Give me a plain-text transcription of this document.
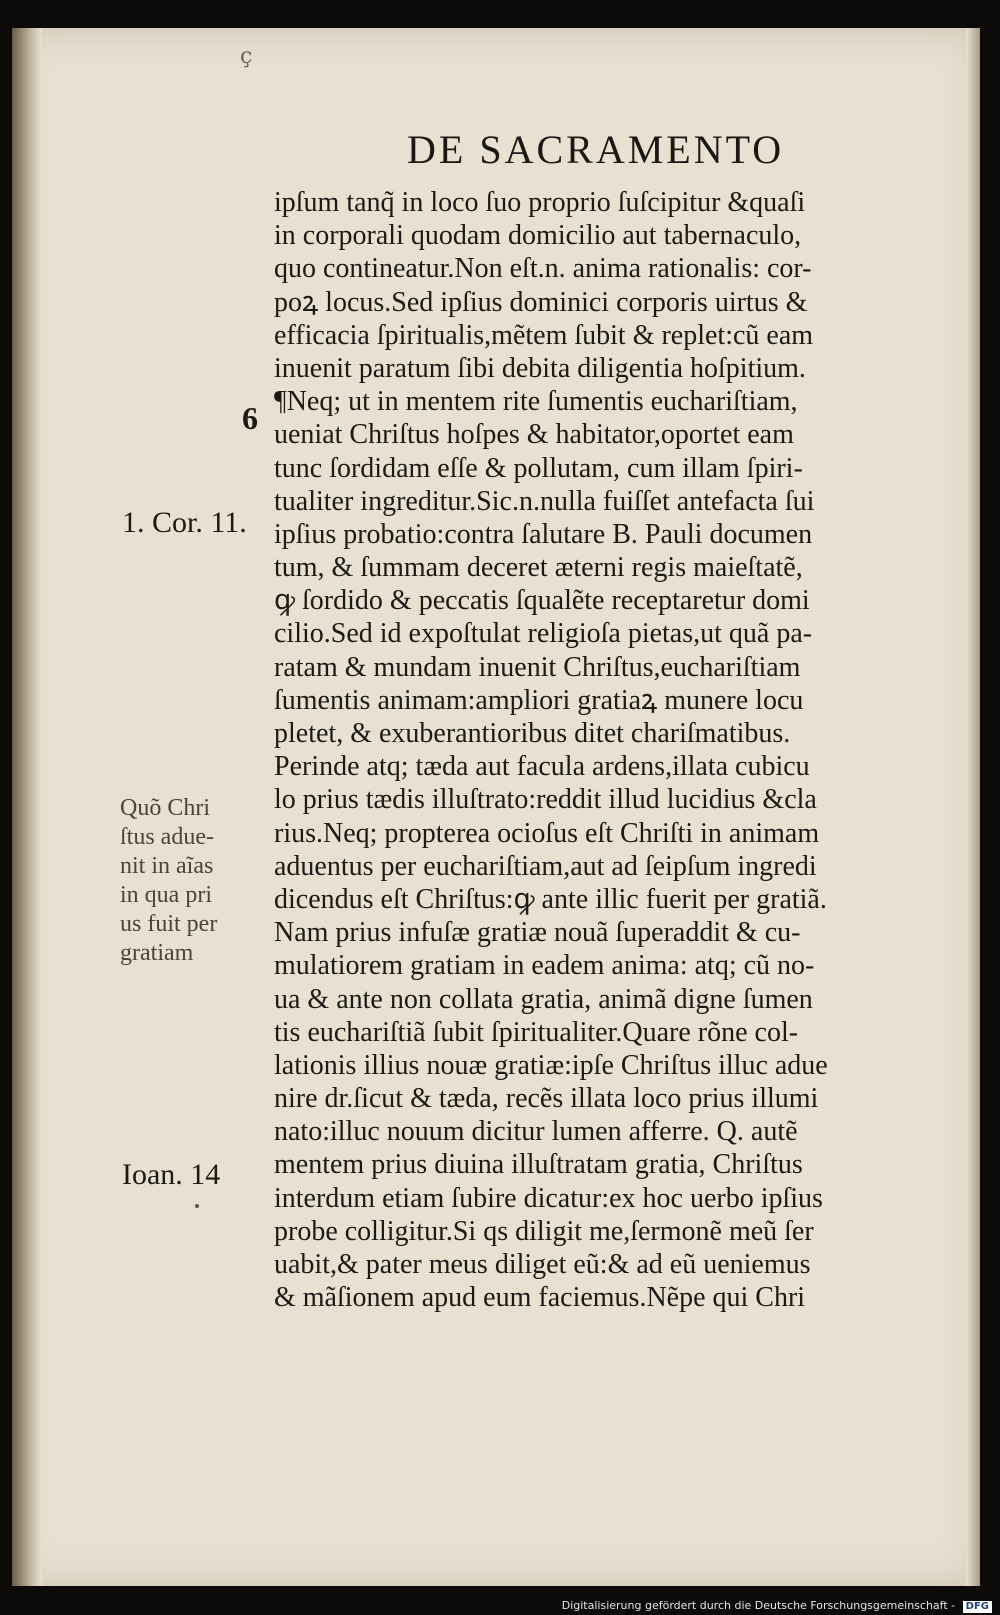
ç
DE SACRAMENTO
6
1. Cor. 11.
Ioan. 14
Quõ Chri
ſtus adue-
nit in aĩas
in qua pri
us fuit per
gratiam
ipſum tanq̃ in loco ſuo proprio ſuſcipitur &quaſi
in corporali quodam domicilio aut tabernaculo,
quo contineatur.Non eſt.n. anima rationalis: cor-
poꝝ locus.Sed ipſius dominici corporis uirtus &
efficacia ſpiritualis,mẽtem ſubit & replet:cũ eam
inuenit paratum ſibi debita diligentia hoſpitium.
¶Neq; ut in mentem rite ſumentis euchariſtiam,
ueniat Chriſtus hoſpes & habitator,oportet eam
tunc ſordidam eſſe & pollutam, cum illam ſpiri-
tualiter ingreditur.Sic.n.nulla fuiſſet antefacta ſui
ipſius probatio:contra ſalutare B. Pauli documen
tum, & ſummam deceret æterni regis maieſtatẽ,
ꝙ ſordido & peccatis ſqualẽte receptaretur domi
cilio.Sed id expoſtulat religioſa pietas,ut quã pa-
ratam & mundam inuenit Chriſtus,euchariſtiam
ſumentis animam:ampliori gratiaꝝ munere locu
pletet, & exuberantioribus ditet chariſmatibus.
Perinde atq; tæda aut facula ardens,illata cubicu
lo prius tædis illuſtrato:reddit illud lucidius &cla
rius.Neq; propterea ocioſus eſt Chriſti in animam
aduentus per euchariſtiam,aut ad ſeipſum ingredi
dicendus eſt Chriſtus:ꝙ ante illic fuerit per gratiã.
Nam prius infuſæ gratiæ nouã ſuperaddit & cu-
mulatiorem gratiam in eadem anima: atq; cũ no-
ua & ante non collata gratia, animã digne ſumen
tis euchariſtiã ſubit ſpiritualiter.Quare rõne col-
lationis illius nouæ gratiæ:ipſe Chriſtus illuc adue
nire dr.ſicut & tæda, recẽs illata loco prius illumi
nato:illuc nouum dicitur lumen afferre. Q. autẽ
mentem prius diuina illuſtratam gratia, Chriſtus
interdum etiam ſubire dicatur:ex hoc uerbo ipſius
probe colligitur.Si qs diligit me,ſermonẽ meũ ſer
uabit,& pater meus diliget eũ:& ad eũ ueniemus
& mãſionem apud eum faciemus.Nẽpe qui Chri
Digitalisierung gefördert durch die Deutsche Forschungsgemeinschaft - DFG
